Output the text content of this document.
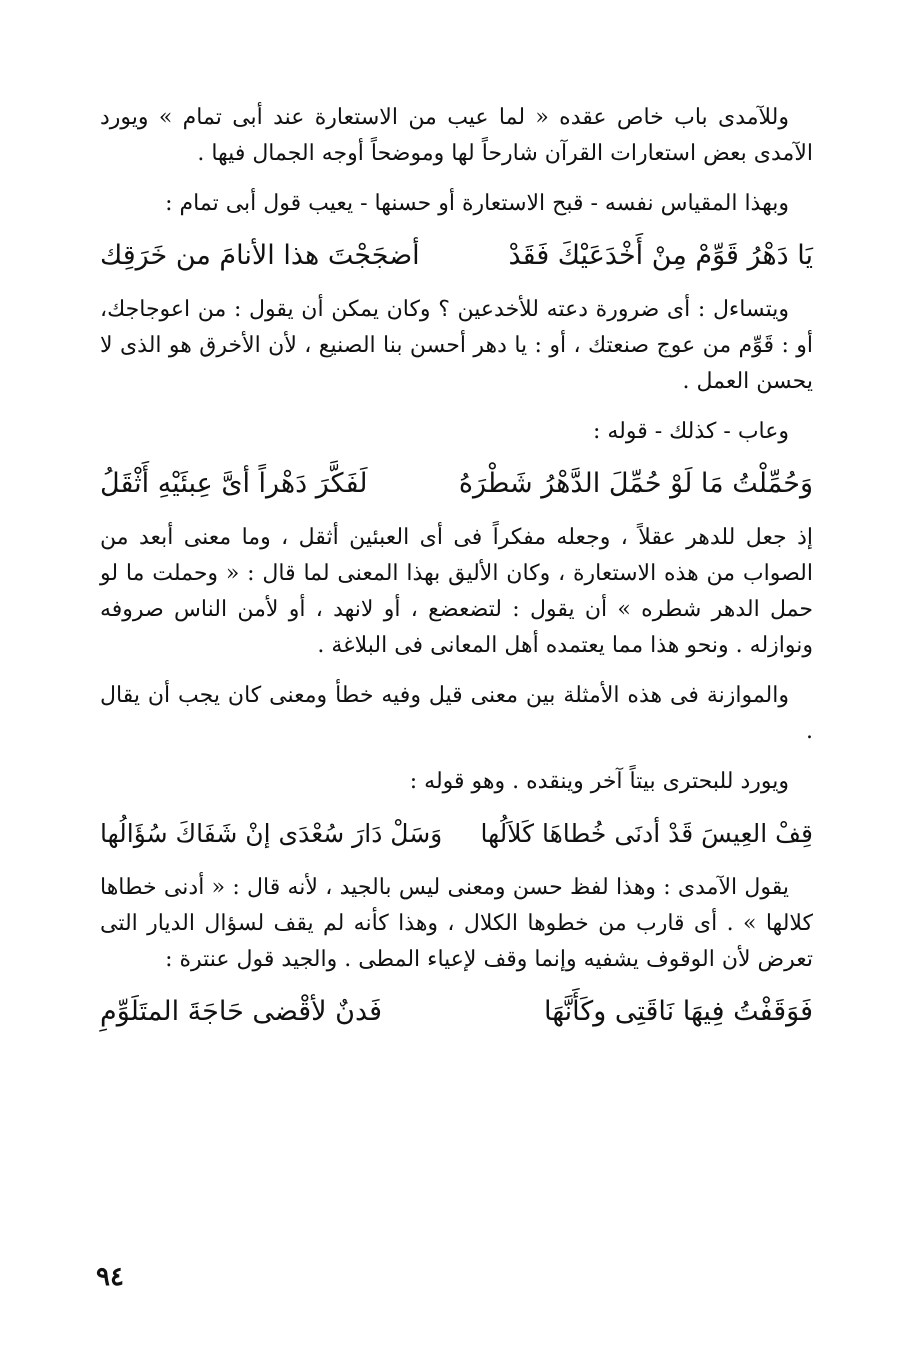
وللآمدى باب خاص عقده « لما عيب من الاستعارة عند أبى تمام » ويورد الآمدى بعض استعارات القرآن شارحاً لها وموضحاً أوجه الجمال فيها .

وبهذا المقياس نفسه - قبح الاستعارة أو حسنها - يعيب قول أبى تمام :

يَا دَهْرُ قَوِّمْ مِنْ أَخْدَعَيْكَ فَقَدْ
أضجَجْتَ هذا الأنامَ من خَرَقِك

ويتساءل : أى ضرورة دعته للأخدعين ؟ وكان يمكن أن يقول : من اعوجاجك، أو : قَوِّم من عوج صنعتك ، أو : يا دهر أحسن بنا الصنيع ، لأن الأخرق هو الذى لا يحسن العمل .

وعاب - كذلك - قوله :

وَحُمِّلْتُ مَا لَوْ حُمِّلَ الدَّهْرُ شَطْرَهُ
لَفَكَّرَ دَهْراً أىَّ عِبئَيْهِ أَثْقَلُ

إذ جعل للدهر عقلاً ، وجعله مفكراً فى أى العبئين أثقل ، وما معنى أبعد من الصواب من هذه الاستعارة ، وكان الأليق بهذا المعنى لما قال : « وحملت ما لو حمل الدهر شطره » أن يقول : لتضعضع ، أو لانهد ، أو لأمن الناس صروفه ونوازله . ونحو هذا مما يعتمده أهل المعانى فى البلاغة .

والموازنة فى هذه الأمثلة بين معنى قيل وفيه خطأ ومعنى كان يجب أن يقال .

ويورد للبحترى بيتاً آخر وينقده . وهو قوله :

قِفْ العِيسَ قَدْ أدنَى خُطاهَا كَلاَلُها
وَسَلْ دَارَ سُعْدَى إنْ شَفَاكَ سُؤَالُها

يقول الآمدى : وهذا لفظ حسن ومعنى ليس بالجيد ، لأنه قال : « أدنى خطاها كلالها » . أى قارب من خطوها الكلال ، وهذا كأنه لم يقف لسؤال الديار التى تعرض لأن الوقوف يشفيه وإنما وقف لإعياء المطى . والجيد قول عنترة :

فَوَقَفْتُ فِيهَا نَاقَتِى وكَأَنَّهَا
فَدنٌ لأقْضى حَاجَةَ المتَلَوِّمِ
٩٤
